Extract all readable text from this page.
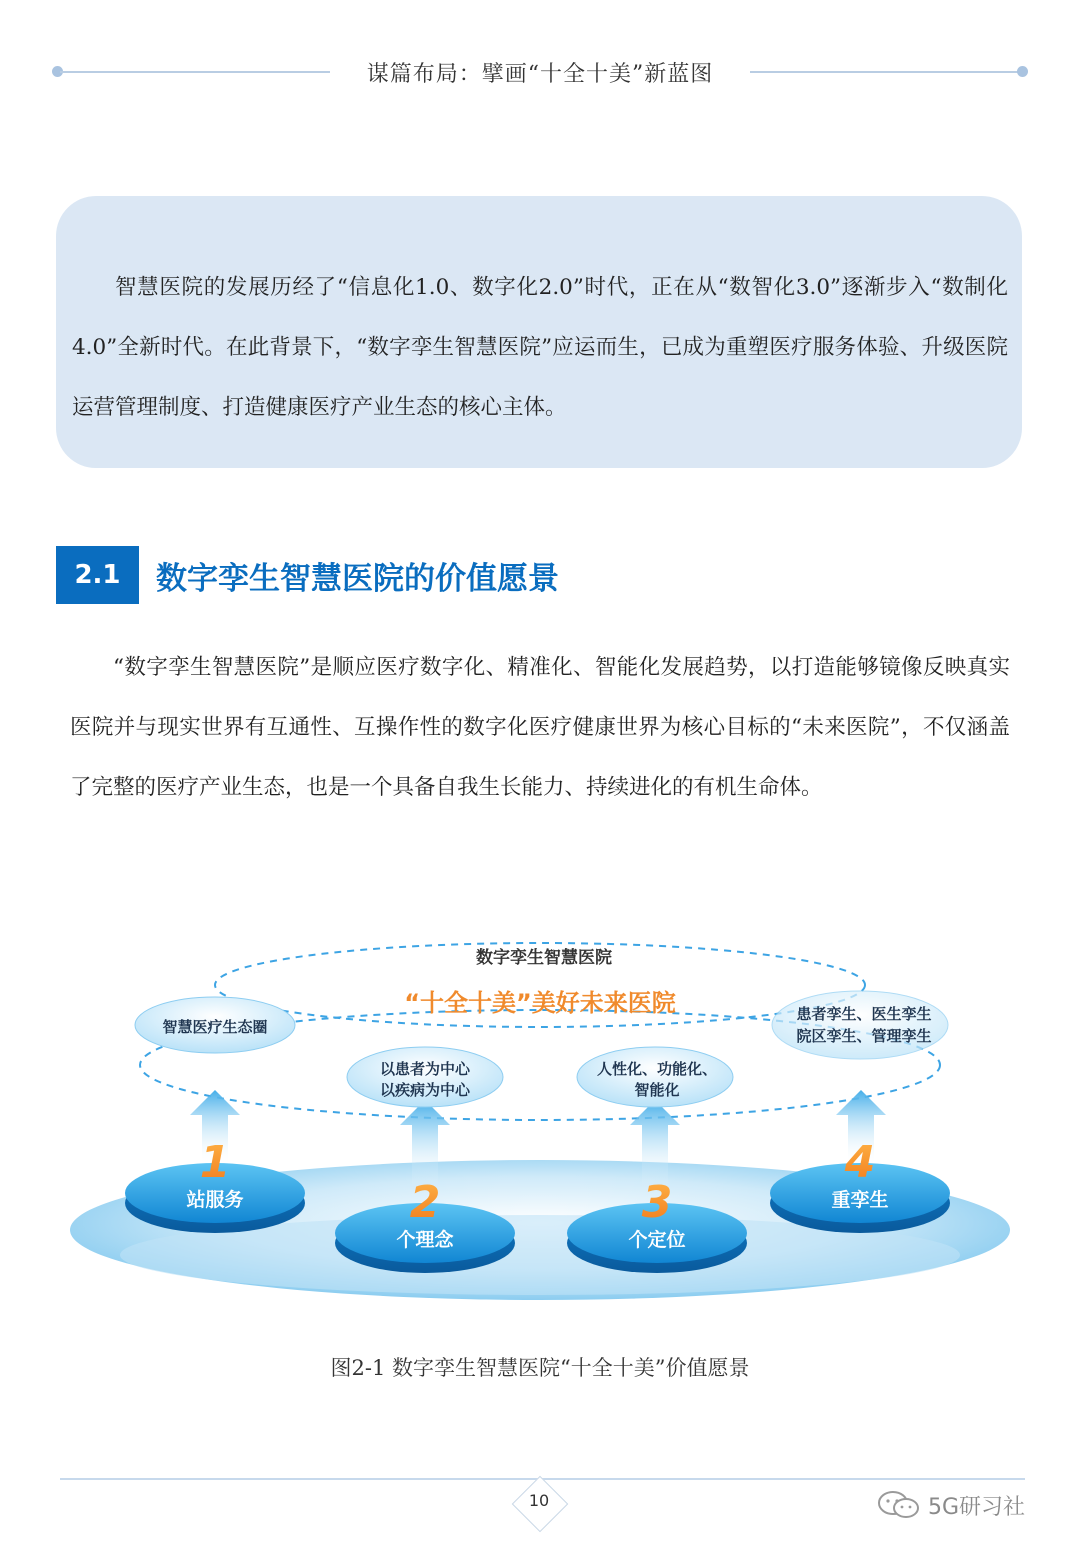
谋篇布局：擘画“十全十美”新蓝图

智慧医院的发展历经了“信息化1.0、数字化2.0”时代，正在从“数智化3.0”逐渐步入“数制化4.0”全新时代。在此背景下，“数字孪生智慧医院”应运而生，已成为重塑医疗服务体验、升级医院运营管理制度、打造健康医疗产业生态的核心主体。

2.1	数字孪生智慧医院的价值愿景

“数字孪生智慧医院”是顺应医疗数字化、精准化、智能化发展趋势，以打造能够镜像反映真实医院并与现实世界有互通性、互操作性的数字化医疗健康世界为核心目标的“未来医院”，不仅涵盖了完整的医疗产业生态，也是一个具备自我生长能力、持续进化的有机生命体。

数字孪生智慧医院
“十全十美”美好未来医院
智慧医疗生态圈
以患者为中心
以疾病为中心
人性化、功能化、
智能化
患者孪生、医生孪生
院区孪生、管理孪生
1
2	3
4
站服务
个理念	个定位
重孪生
图2-1 数字孪生智慧医院“十全十美”价值愿景
10	5G研习社
